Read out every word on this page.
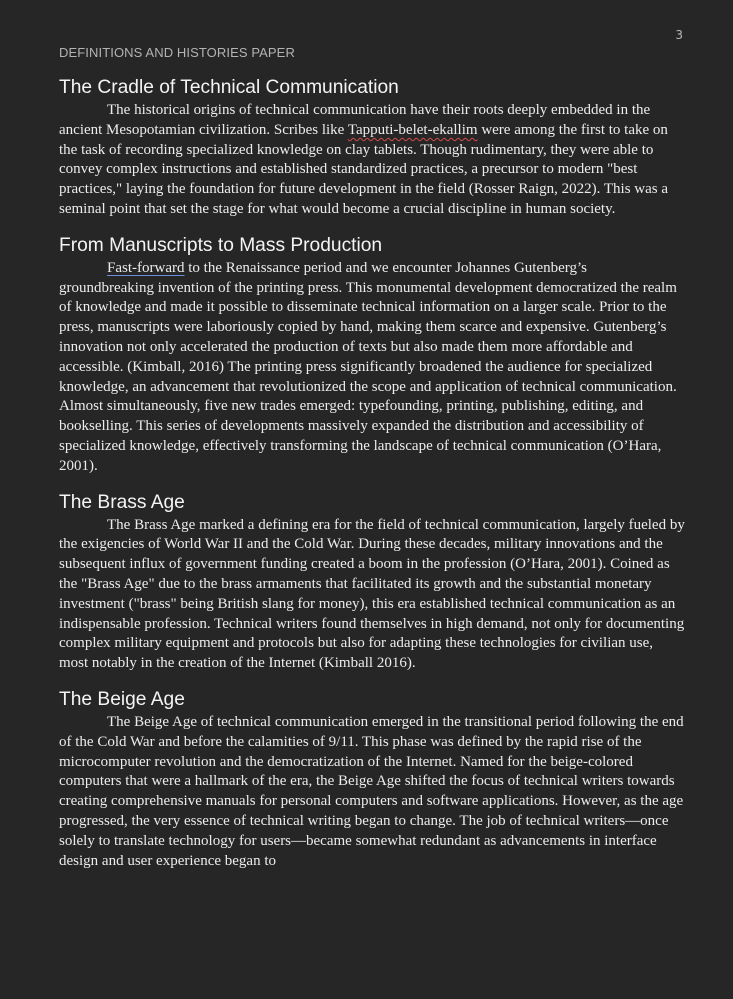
3
DEFINITIONS AND HISTORIES PAPER
The Cradle of Technical Communication

The historical origins of technical communication have their roots deeply embedded in the ancient Mesopotamian civilization. Scribes like Tapputi-belet-ekallim were among the first to take on the task of recording specialized knowledge on clay tablets. Though rudimentary, they were able to convey complex instructions and established standardized practices, a precursor to modern "best practices," laying the foundation for future development in the field (Rosser Raign, 2022). This was a seminal point that set the stage for what would become a crucial discipline in human society.

From Manuscripts to Mass Production

Fast-forward to the Renaissance period and we encounter Johannes Gutenberg’s groundbreaking invention of the printing press. This monumental development democratized the realm of knowledge and made it possible to disseminate technical information on a larger scale. Prior to the press, manuscripts were laboriously copied by hand, making them scarce and expensive. Gutenberg’s innovation not only accelerated the production of texts but also made them more affordable and accessible. (Kimball, 2016) The printing press significantly broadened the audience for specialized knowledge, an advancement that revolutionized the scope and application of technical communication. Almost simultaneously, five new trades emerged: typefounding, printing, publishing, editing, and bookselling. This series of developments massively expanded the distribution and accessibility of specialized knowledge, effectively transforming the landscape of technical communication (O’Hara, 2001).

The Brass Age

The Brass Age marked a defining era for the field of technical communication, largely fueled by the exigencies of World War II and the Cold War. During these decades, military innovations and the subsequent influx of government funding created a boom in the profession (O’Hara, 2001). Coined as the "Brass Age" due to the brass armaments that facilitated its growth and the substantial monetary investment ("brass" being British slang for money), this era established technical communication as an indispensable profession. Technical writers found themselves in high demand, not only for documenting complex military equipment and protocols but also for adapting these technologies for civilian use, most notably in the creation of the Internet (Kimball 2016).

The Beige Age

The Beige Age of technical communication emerged in the transitional period following the end of the Cold War and before the calamities of 9/11. This phase was defined by the rapid rise of the microcomputer revolution and the democratization of the Internet. Named for the beige-colored computers that were a hallmark of the era, the Beige Age shifted the focus of technical writers towards creating comprehensive manuals for personal computers and software applications. However, as the age progressed, the very essence of technical writing began to change. The job of technical writers—once solely to translate technology for users—became somewhat redundant as advancements in interface design and user experience began to
